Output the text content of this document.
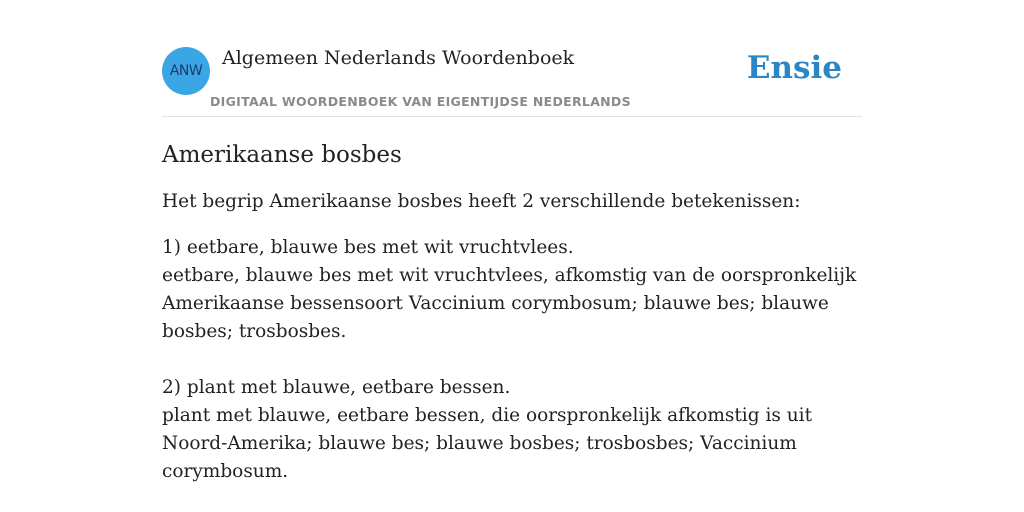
ANW
Algemeen Nederlands Woordenboek
DIGITAAL WOORDENBOEK VAN EIGENTIJDSE NEDERLANDS
Ensie
Amerikaanse bosbes

Het begrip Amerikaanse bosbes heeft 2 verschillende betekenissen:

1) eetbare, blauwe bes met wit vruchtvlees.
eetbare, blauwe bes met wit vruchtvlees, afkomstig van de oorspronkelijk Amerikaanse bessensoort Vaccinium corymbosum; blauwe bes; blauwe bosbes; trosbosbes.

2) plant met blauwe, eetbare bessen.
plant met blauwe, eetbare bessen, die oorspronkelijk afkomstig is uit Noord-Amerika; blauwe bes; blauwe bosbes; trosbosbes; Vaccinium corymbosum.
